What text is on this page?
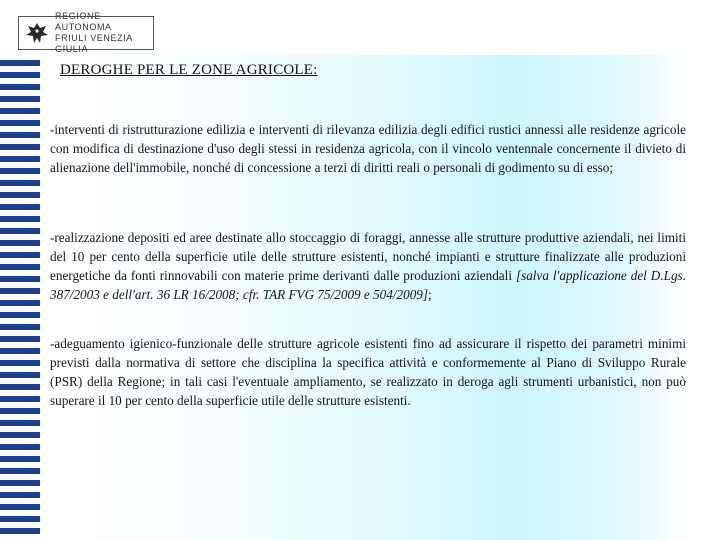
REGIONE AUTONOMA
FRIULI VENEZIA GIULIA
DEROGHE PER LE ZONE AGRICOLE:

-interventi di ristrutturazione edilizia e interventi di rilevanza edilizia degli edifici rustici annessi alle residenze agricole con modifica di destinazione d'uso degli stessi in residenza agricola, con il vincolo ventennale concernente il divieto di alienazione dell'immobile, nonché di concessione a terzi di diritti reali o personali di godimento su di esso;

-realizzazione depositi ed aree destinate allo stoccaggio di foraggi, annesse alle strutture produttive aziendali, nei limiti del 10 per cento della superficie utile delle strutture esistenti, nonché impianti e strutture finalizzate alle produzioni energetiche da fonti rinnovabili con materie prime derivanti dalle produzioni aziendali [salva l'applicazione del D.Lgs. 387/2003 e dell'art. 36 LR 16/2008; cfr. TAR FVG 75/2009 e 504/2009];

-adeguamento igienico-funzionale delle strutture agricole esistenti fino ad assicurare il rispetto dei parametri minimi previsti dalla normativa di settore che disciplina la specifica attività e conformemente al Piano di Sviluppo Rurale (PSR) della Regione; in tali casi l'eventuale ampliamento, se realizzato in deroga agli strumenti urbanistici, non può superare il 10 per cento della superficie utile delle strutture esistenti.
